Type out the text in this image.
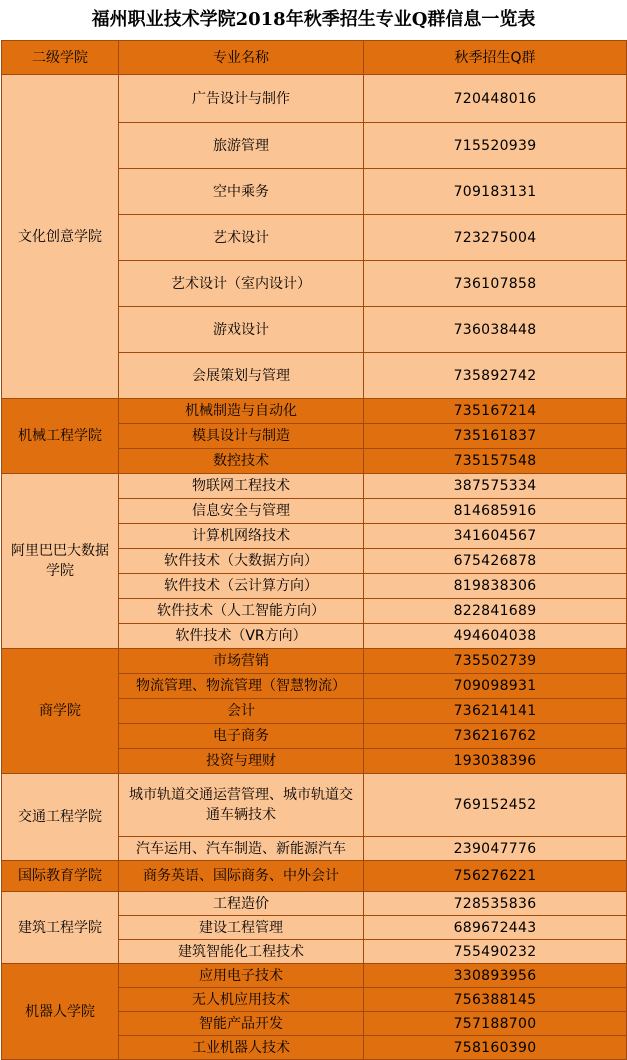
福州职业技术学院2018年秋季招生专业Q群信息一览表
二级学院	专业名称	秋季招生Q群
文化创意学院	广告设计与制作	720448016
	旅游管理	715520939
	空中乘务	709183131
	艺术设计	723275004
	艺术设计（室内设计）	736107858
	游戏设计	736038448
	会展策划与管理	735892742
机械工程学院	机械制造与自动化	735167214
	模具设计与制造	735161837
	数控技术	735157548
阿里巴巴大数据学院	物联网工程技术	387575334
	信息安全与管理	814685916
	计算机网络技术	341604567
	软件技术（大数据方向）	675426878
	软件技术（云计算方向）	819838306
	软件技术（人工智能方向）	822841689
	软件技术（VR方向）	494604038
商学院	市场营销	735502739
	物流管理、物流管理（智慧物流）	709098931
	会计	736214141
	电子商务	736216762
	投资与理财	193038396
交通工程学院	城市轨道交通运营管理、城市轨道交通车辆技术	769152452
	汽车运用、汽车制造、新能源汽车	239047776
国际教育学院	商务英语、国际商务、中外会计	756276221
建筑工程学院	工程造价	728535836
	建设工程管理	689672443
	建筑智能化工程技术	755490232
机器人学院	应用电子技术	330893956
	无人机应用技术	756388145
	智能产品开发	757188700
	工业机器人技术	758160390
